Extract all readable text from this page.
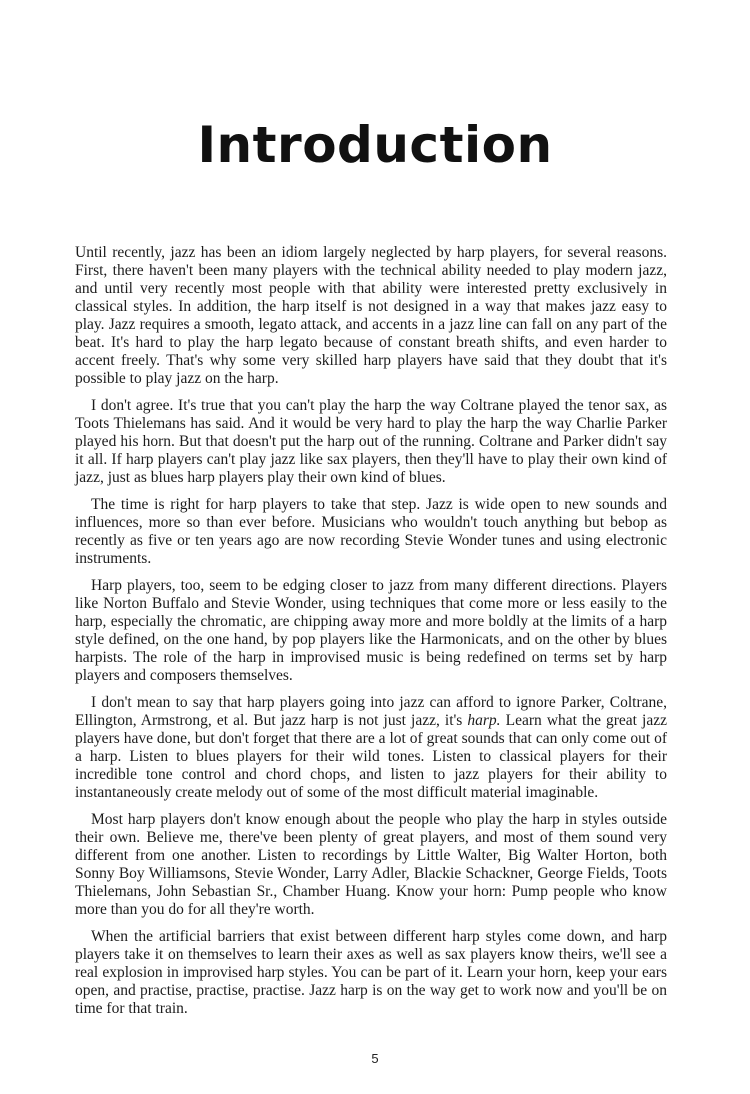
Introduction

Until recently, jazz has been an idiom largely neglected by harp players, for several reasons. First, there haven't been many players with the technical ability needed to play modern jazz, and until very recently most people with that ability were interested pretty exclusively in classical styles. In addition, the harp itself is not designed in a way that makes jazz easy to play. Jazz requires a smooth, legato attack, and accents in a jazz line can fall on any part of the beat. It's hard to play the harp legato because of constant breath shifts, and even harder to accent freely. That's why some very skilled harp players have said that they doubt that it's possible to play jazz on the harp.

I don't agree. It's true that you can't play the harp the way Coltrane played the tenor sax, as Toots Thielemans has said. And it would be very hard to play the harp the way Charlie Parker played his horn. But that doesn't put the harp out of the running. Coltrane and Parker didn't say it all. If harp players can't play jazz like sax players, then they'll have to play their own kind of jazz, just as blues harp players play their own kind of blues.

The time is right for harp players to take that step. Jazz is wide open to new sounds and influences, more so than ever before. Musicians who wouldn't touch anything but bebop as recently as five or ten years ago are now recording Stevie Wonder tunes and using electronic instruments.

Harp players, too, seem to be edging closer to jazz from many different directions. Players like Norton Buffalo and Stevie Wonder, using techniques that come more or less easily to the harp, especially the chromatic, are chipping away more and more boldly at the limits of a harp style defined, on the one hand, by pop players like the Harmonicats, and on the other by blues harpists. The role of the harp in improvised music is being redefined on terms set by harp players and composers themselves.

I don't mean to say that harp players going into jazz can afford to ignore Parker, Coltrane, Ellington, Armstrong, et al. But jazz harp is not just jazz, it's harp. Learn what the great jazz players have done, but don't forget that there are a lot of great sounds that can only come out of a harp. Listen to blues players for their wild tones. Listen to classical players for their incredible tone control and chord chops, and listen to jazz players for their ability to instantaneously create melody out of some of the most difficult material imaginable.

Most harp players don't know enough about the people who play the harp in styles outside their own. Believe me, there've been plenty of great players, and most of them sound very different from one another. Listen to recordings by Little Walter, Big Walter Horton, both Sonny Boy Williamsons, Stevie Wonder, Larry Adler, Blackie Schackner, George Fields, Toots Thielemans, John Sebastian Sr., Chamber Huang. Know your horn: Pump people who know more than you do for all they're worth.

When the artificial barriers that exist between different harp styles come down, and harp players take it on themselves to learn their axes as well as sax players know theirs, we'll see a real explosion in improvised harp styles. You can be part of it. Learn your horn, keep your ears open, and practise, practise, practise. Jazz harp is on the way get to work now and you'll be on time for that train.

5
